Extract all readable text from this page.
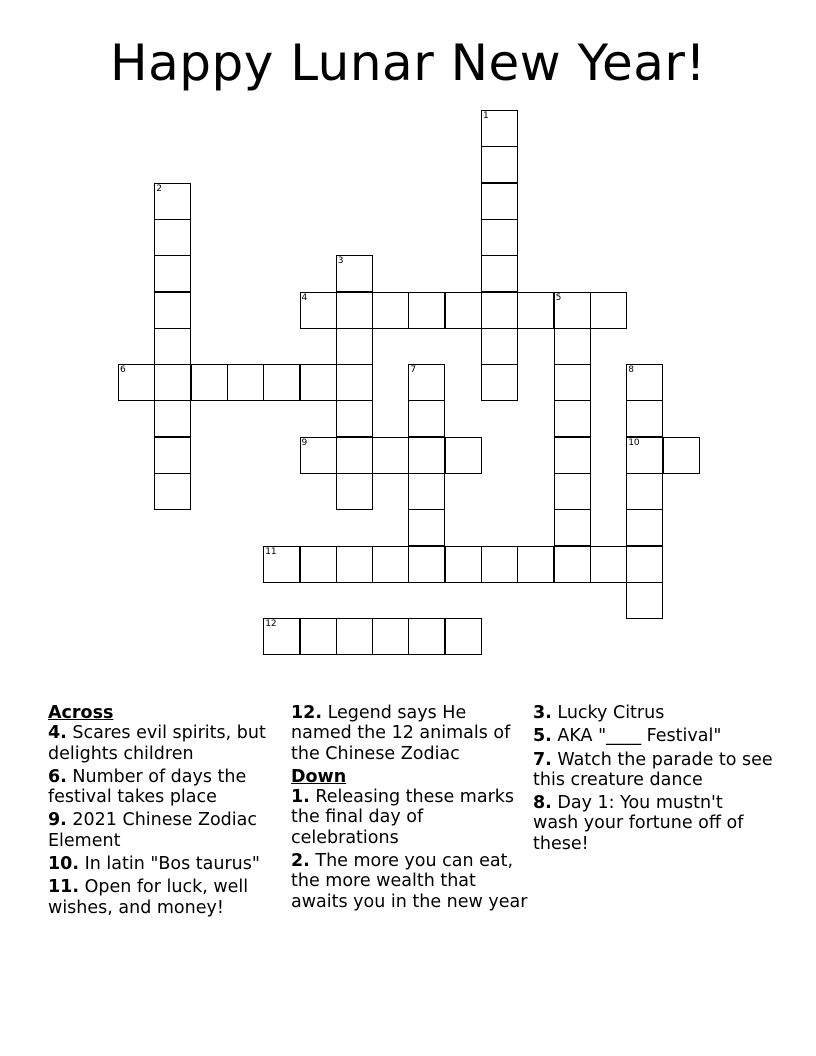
Happy Lunar New Year!
1
2
3
4	5
6	7	8
10
9
11
12

Across

4. Scares evil spirits, but delights children

6. Number of days the festival takes place

9. 2021 Chinese Zodiac Element

10. In latin "Bos taurus"

11. Open for luck, well wishes, and money!

12. Legend says He named the 12 animals of the Chinese Zodiac

Down

1. Releasing these marks the final day of celebrations

2. The more you can eat, the more wealth that awaits you in the new year

3. Lucky Citrus

5. AKA "____ Festival"

7. Watch the parade to see this creature dance

8. Day 1: You mustn't wash your fortune off of these!
